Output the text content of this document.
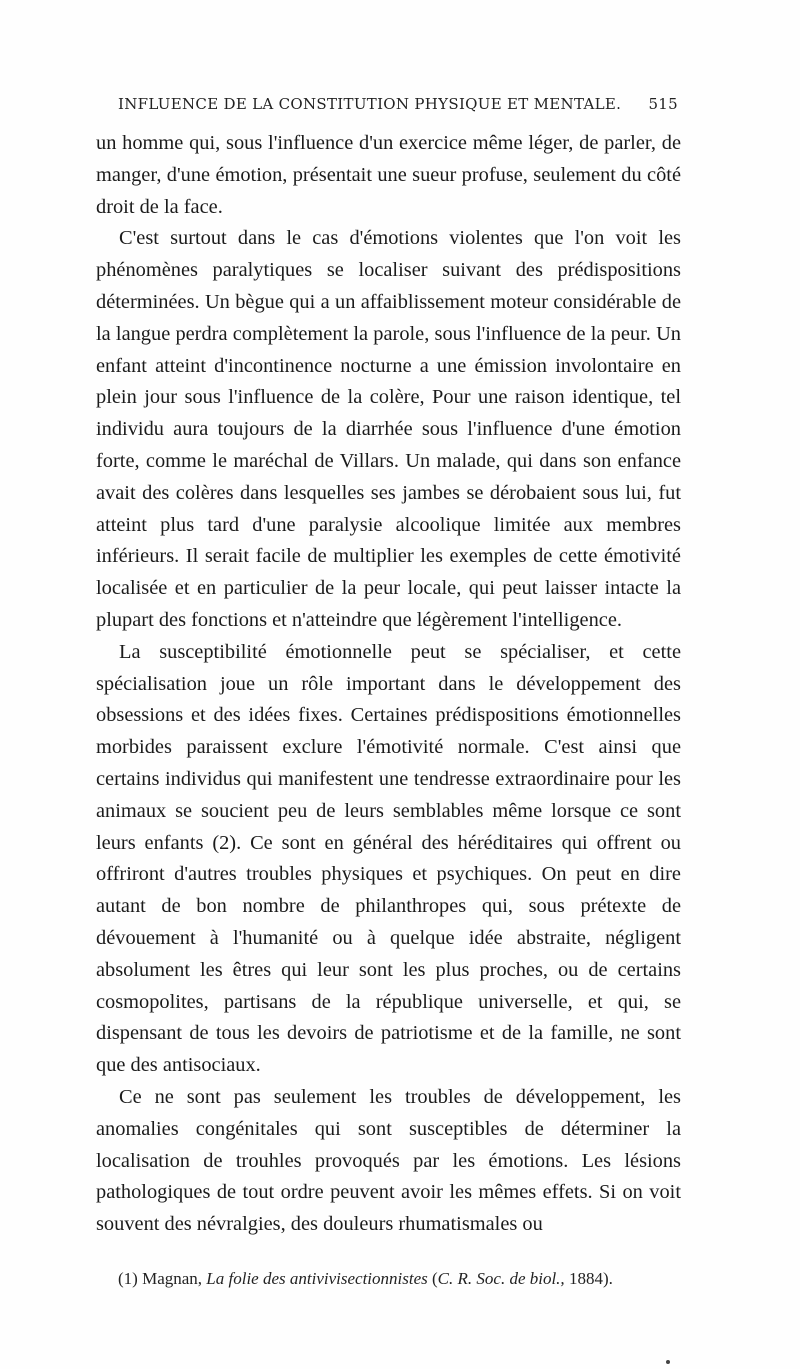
INFLUENCE DE LA CONSTITUTION PHYSIQUE ET MENTALE. 515

un homme qui, sous l'influence d'un exercice même léger, de parler, de manger, d'une émotion, présentait une sueur profuse, seulement du côté droit de la face.

C'est surtout dans le cas d'émotions violentes que l'on voit les phénomènes paralytiques se localiser suivant des prédispositions déterminées. Un bègue qui a un affaiblissement moteur considérable de la langue perdra complètement la parole, sous l'influence de la peur. Un enfant atteint d'incontinence nocturne a une émission involontaire en plein jour sous l'influence de la colère, Pour une raison identique, tel individu aura toujours de la diarrhée sous l'influence d'une émotion forte, comme le maréchal de Villars. Un malade, qui dans son enfance avait des colères dans lesquelles ses jambes se dérobaient sous lui, fut atteint plus tard d'une paralysie alcoolique limitée aux membres inférieurs. Il serait facile de multiplier les exemples de cette émotivité localisée et en particulier de la peur locale, qui peut laisser intacte la plupart des fonctions et n'atteindre que légèrement l'intelligence.

La susceptibilité émotionnelle peut se spécialiser, et cette spécialisation joue un rôle important dans le développement des obsessions et des idées fixes. Certaines prédispositions émotionnelles morbides paraissent exclure l'émotivité normale. C'est ainsi que certains individus qui manifestent une tendresse extraordinaire pour les animaux se soucient peu de leurs semblables même lorsque ce sont leurs enfants (2). Ce sont en général des héréditaires qui offrent ou offriront d'autres troubles physiques et psychiques. On peut en dire autant de bon nombre de philanthropes qui, sous prétexte de dévouement à l'humanité ou à quelque idée abstraite, négligent absolument les êtres qui leur sont les plus proches, ou de certains cosmopolites, partisans de la république universelle, et qui, se dispensant de tous les devoirs de patriotisme et de la famille, ne sont que des antisociaux.

Ce ne sont pas seulement les troubles de développement, les anomalies congénitales qui sont susceptibles de déterminer la localisation de trouhles provoqués par les émotions. Les lésions pathologiques de tout ordre peuvent avoir les mêmes effets. Si on voit souvent des névralgies, des douleurs rhumatismales ou

(1) Magnan, La folie des antivivisectionnistes (C. R. Soc. de biol., 1884).
